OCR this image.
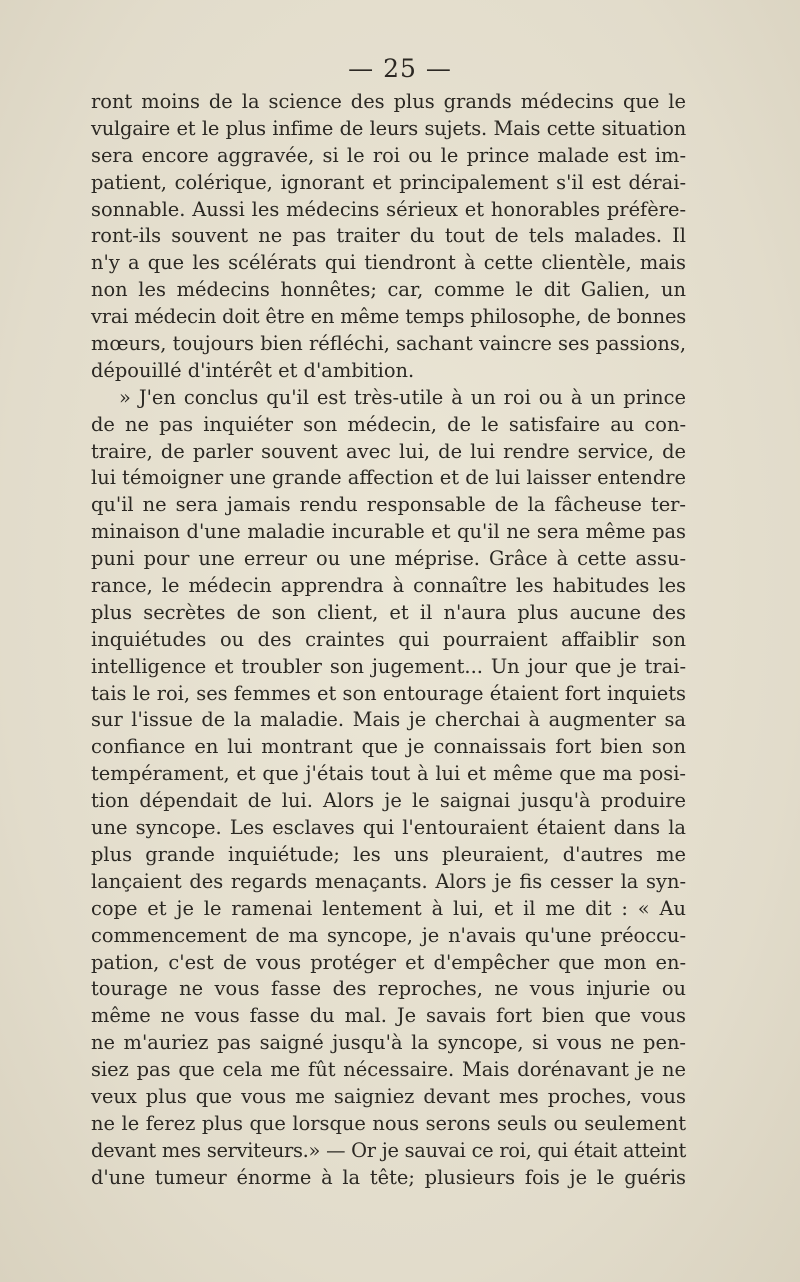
— 25 —
ront moins de la science des plus grands médecins que le
vulgaire et le plus infime de leurs sujets. Mais cette situation
sera encore aggravée, si le roi ou le prince malade est im-
patient, colérique, ignorant et principalement s'il est dérai-
sonnable. Aussi les médecins sérieux et honorables préfère-
ront-ils souvent ne pas traiter du tout de tels malades. Il
n'y a que les scélérats qui tiendront à cette clientèle, mais
non les médecins honnêtes; car, comme le dit Galien, un
vrai médecin doit être en même temps philosophe, de bonnes
mœurs, toujours bien réfléchi, sachant vaincre ses passions,
dépouillé d'intérêt et d'ambition.
» J'en conclus qu'il est très-utile à un roi ou à un prince
de ne pas inquiéter son médecin, de le satisfaire au con-
traire, de parler souvent avec lui, de lui rendre service, de
lui témoigner une grande affection et de lui laisser entendre
qu'il ne sera jamais rendu responsable de la fâcheuse ter-
minaison d'une maladie incurable et qu'il ne sera même pas
puni pour une erreur ou une méprise. Grâce à cette assu-
rance, le médecin apprendra à connaître les habitudes les
plus secrètes de son client, et il n'aura plus aucune des
inquiétudes ou des craintes qui pourraient affaiblir son
intelligence et troubler son jugement... Un jour que je trai-
tais le roi, ses femmes et son entourage étaient fort inquiets
sur l'issue de la maladie. Mais je cherchai à augmenter sa
confiance en lui montrant que je connaissais fort bien son
tempérament, et que j'étais tout à lui et même que ma posi-
tion dépendait de lui. Alors je le saignai jusqu'à produire
une syncope. Les esclaves qui l'entouraient étaient dans la
plus grande inquiétude; les uns pleuraient, d'autres me
lançaient des regards menaçants. Alors je fis cesser la syn-
cope et je le ramenai lentement à lui, et il me dit : « Au
commencement de ma syncope, je n'avais qu'une préoccu-
pation, c'est de vous protéger et d'empêcher que mon en-
tourage ne vous fasse des reproches, ne vous injurie ou
même ne vous fasse du mal. Je savais fort bien que vous
ne m'auriez pas saigné jusqu'à la syncope, si vous ne pen-
siez pas que cela me fût nécessaire. Mais dorénavant je ne
veux plus que vous me saigniez devant mes proches, vous
ne le ferez plus que lorsque nous serons seuls ou seulement
devant mes serviteurs.» — Or je sauvai ce roi, qui était atteint
d'une tumeur énorme à la tête; plusieurs fois je le guéris
